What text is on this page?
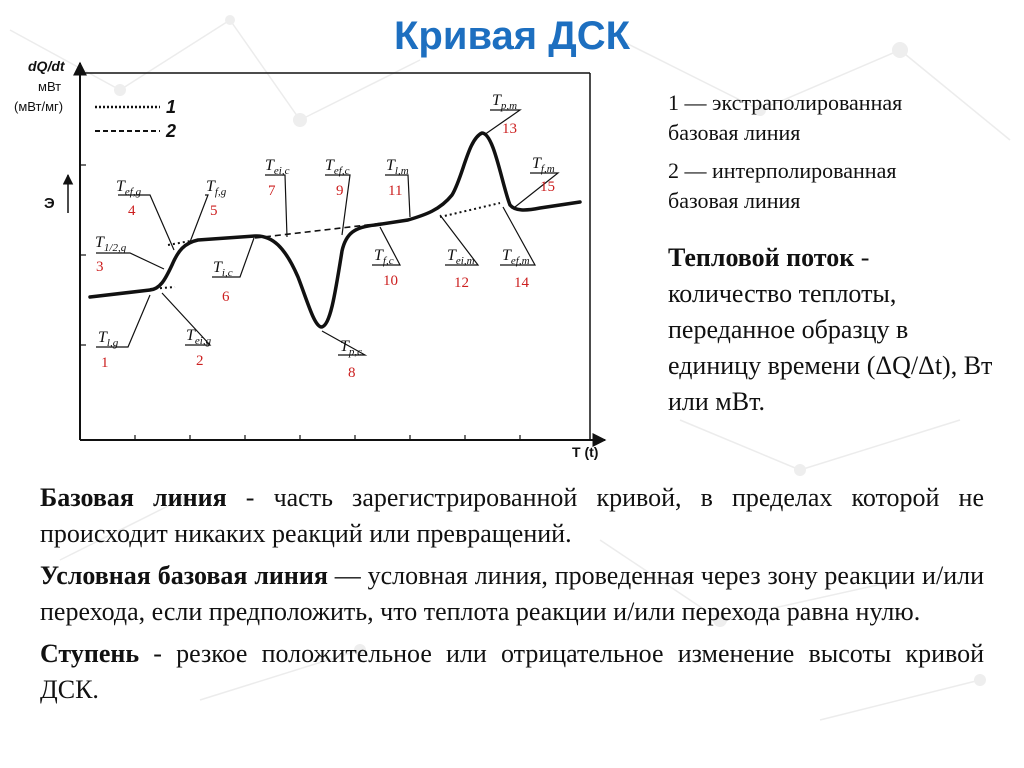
Кривая ДСК
dQ/dt
мВт
(мВт/мг)
T (t)
Э
1
2
$T_{ef,g}$	$T_{f,g}$
$T_{1/2,g}$
$T_{i,c}$
$T_{l,g}$	$T_{ei,g}$
$T_{ei,c}$ $T_{ef,c}$ $T_{l,m}$
$T_{p,c}$
$T_{f,c}$
$T_{p,m}$
$T_{f,m}$
$T_{ei,m}$ $T_{ef,m}$
4	5
3
6
1	2
7	9	11
8
10
13
15
12	14

1 — экстраполированная
базовая линия

2 — интерполированная
базовая линия

Тепловой поток - количество теплоты, переданное образцу в единицу времени (ΔQ/Δt), Вт или мВт.

Базовая линия - часть зарегистрированной кривой, в пределах которой не происходит никаких реакций или превращений.

Условная базовая линия — условная линия, проведенная через зону реакции и/или перехода, если предположить, что теплота реакции и/или перехода равна нулю.

Ступень - резкое положительное или отрицательное изменение высоты кривой ДСК.
